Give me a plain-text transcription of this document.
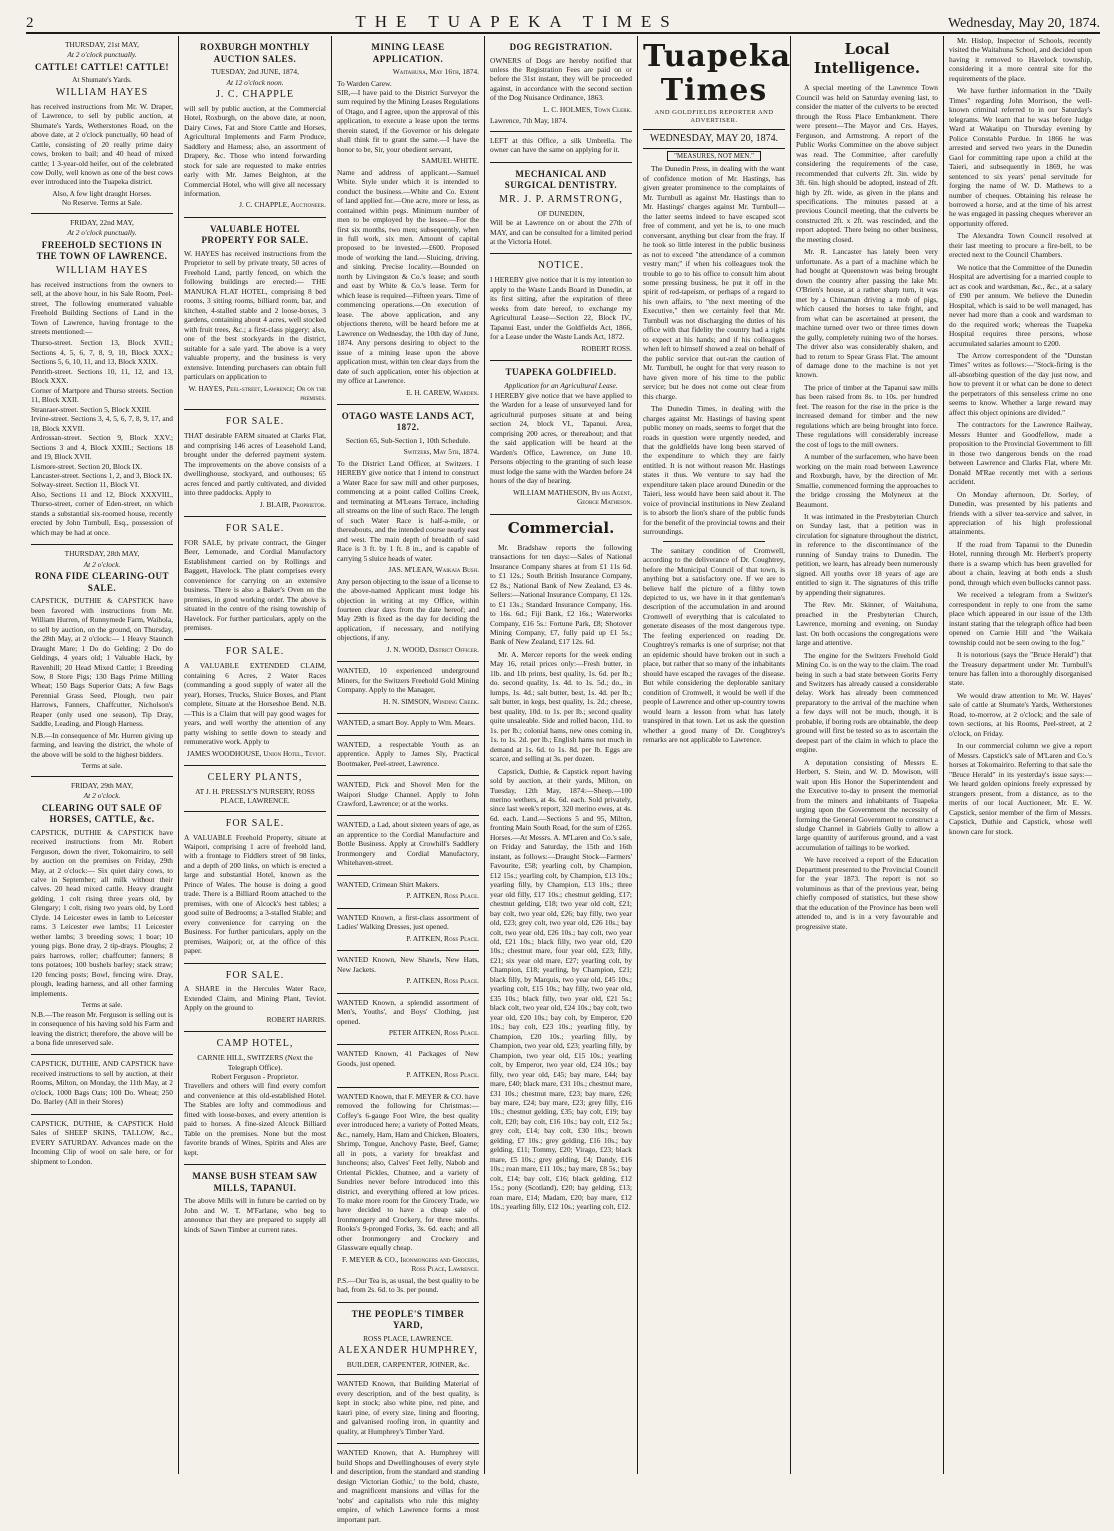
2	THE TUAPEKA TIMES	Wednesday, May 20, 1874.
THURSDAY, 21st MAY,
At 2 o'clock punctually.
CATTLE! CATTLE! CATTLE!
At Shumate's Yards.
WILLIAM HAYES

has received instructions from Mr. W. Draper, of Lawrence, to sell by public auction, at Shumate's Yards, Wetherstones Road, on the above date, at 2 o'clock punctually, 60 head of Cattle, consisting of 20 really prime dairy cows, broken to bail; and 40 head of mixed cattle; 1 3-year-old heifer, out of the celebrated cow Dolly, well known as one of the best cows ever introduced into the Tuapeka district.

Also, A few light draught Horses.
No Reserve. Terms at Sale.
FRIDAY, 22nd MAY,
At 2 o'clock punctually.
FREEHOLD SECTIONS IN THE TOWN OF LAWRENCE.
WILLIAM HAYES

has received instructions from the owners to sell, at the above hour, in his Sale Room, Peel-street, The following enumerated valuable Freehold Building Sections of Land in the Town of Lawrence, having frontage to the streets mentioned:—

Thurso-street. Section 13, Block XVII.; Sections 4, 5, 6, 7, 8, 9, 10, Block XXX.; Sections 5, 6, 10, 11, and 13, Block XXIX.

Penrith-street. Sections 10, 11, 12, and 13, Block XXX.

Corner of Martpore and Thurso streets. Section 11, Block XXII.

Stranraer-street. Section 5, Block XXIII.

Irvine-street. Sections 3, 4, 5, 6, 7, 8, 9, 17, and 18, Block XXVII.

Ardrossan-street. Section 9, Block XXV.; Sections 3 and 4, Block XXIII.; Sections 18 and 19, Block XVII.

Lismore-street. Section 20, Block IX.

Lancaster-street. Sections 1, 2, and 3, Block IX.

Solway-street. Section 11, Block VI.

Also, Sections 11 and 12, Block XXXVIII., Thurso-street, corner of Eden-street, on which stands a substantial six-roomed house, recently erected by John Turnbull, Esq., possession of which may be had at once.

THURSDAY, 28th MAY,
At 2 o'clock.
RONA FIDE CLEARING-OUT SALE.

CAPSTICK, DUTHIE & CAPSTICK have been favored with instructions from Mr. William Hurren, of Runnymede Farm, Waihola, to sell by auction, on the ground, on Thursday, the 28th May, at 2 o'clock:— 1 Heavy Staunch Draught Mare; 1 Do do Gelding; 2 Do do Geldings, 4 years old; 1 Valuable Hack, by Ravenhill; 20 Head Mixed Cattle; 1 Breeding Sow, 8 Store Pigs; 130 Bags Prime Milling Wheat; 150 Bags Superior Oats; A few Bags Perennial Grass Seed, Plough, two pair Harrows, Fanners, Chaffcutter, Nicholson's Reaper (only used one season), Tip Dray, Saddle, Leading, and Plough Harness.

N.B.—In consequence of Mr. Hurren giving up farming, and leaving the district, the whole of the above will be sold to the highest bidders.

Terms at sale.
FRIDAY, 29th MAY,
At 2 o'clock.
CLEARING OUT SALE OF HORSES, CATTLE, &c.

CAPSTICK, DUTHIE & CAPSTICK have received instructions from Mr. Robert Ferguson, down the river, Tokomairiro, to sell by auction on the premises on Friday, 29th May, at 2 o'clock:— Six quiet dairy cows, to calve in September; all milk without their calves. 20 head mixed cattle. Heavy draught gelding, 1 colt rising three years old, by Glengary; 1 colt, rising two years old, by Lord Clyde. 14 Leicester ewes in lamb to Leicester rams. 3 Leicester ewe lambs; 11 Leicester wether lambs; 3 breeding sows; 1 boar; 10 young pigs. Bone dray, 2 tip-drays. Ploughs; 2 pairs harrows, roller; chaffcutter; fanners; 8 tons potatoes; 100 bushels barley; stack straw; 120 fencing posts; Bowl, fencing wire. Dray, plough, leading harness, and all other farming implements.

Terms at sale.

N.B.—The reason Mr. Ferguson is selling out is in consequence of his having sold his Farm and leaving the district; therefore, the above will be a bona fide unreserved sale.

CAPSTICK, DUTHIE, AND CAPSTICK have received instructions to sell by auction, at their Rooms, Milton, on Monday, the 11th May, at 2 o'clock, 1000 Bags Oats; 100 Do. Wheat; 250 Do. Barley (All in their Stores)

CAPSTICK, DUTHIE, & CAPSTICK Hold Sales of SHEEP SKINS, TALLOW, &c., EVERY SATURDAY. Advances made on the Incoming Clip of wool on sale here, or for shipment to London.

ROXBURGH MONTHLY AUCTION SALES.
TUESDAY, 2nd JUNE, 1874,
At 12 o'clock noon.
J. C. CHAPPLE

will sell by public auction, at the Commercial Hotel, Roxburgh, on the above date, at noon, Dairy Cows, Fat and Store Cattle and Horses, Agricultural Implements and Farm Produce, Saddlery and Harness; also, an assortment of Drapery, &c. Those who intend forwarding stock for sale are requested to make entries early with Mr. James Beighton, at the Commercial Hotel, who will give all necessary information.

J. C. CHAPPLE, Auctioneer.
VALUABLE HOTEL PROPERTY FOR SALE.

W. HAYES has received instructions from the Proprietor to sell by private treaty, 50 acres of Freehold Land, partly fenced, on which the following buildings are erected:— THE MANUKA FLAT HOTEL, comprising 8 bed rooms, 3 sitting rooms, billiard room, bar, and kitchen, 4-stalled stable and 2 loose-boxes, 3 gardens, containing about 4 acres, well stocked with fruit trees, &c.; a first-class piggery; also, one of the best stockyards in the district, suitable for a sale yard. The above is a very valuable property, and the business is very extensive. Intending purchasers can obtain full particulars on application to

W. HAYES, Peel-street, Lawrence; Or on the premises.
FOR SALE.

THAT desirable FARM situated at Clarks Flat, and comprising 146 acres of Leasehold Land, brought under the deferred payment system. The improvements on the above consists of a dwellinghouse, stockyard, and outhouses; 65 acres fenced and partly cultivated, and divided into three paddocks. Apply to

J. BLAIR, Proprietor.
FOR SALE.

FOR SALE, by private contract, the Ginger Beer, Lemonade, and Cordial Manufactory Establishment carried on by Rollings and Baggett, Havelock. The plant comprises every convenience for carrying on an extensive business. There is also a Baker's Oven on the premises, in good working order. The above is situated in the centre of the rising township of Havelock. For further particulars, apply on the premises.

FOR SALE.

A VALUABLE EXTENDED CLAIM, containing 6 Acres, 2 Water Races (commanding a good supply of water all the year), Horses, Trucks, Sluice Boxes, and Plant complete, Situate at the Horseshoe Bend. N.B.—This is a Claim that will pay good wages for years, and well worthy the attention of any party wishing to settle down to steady and remunerative work. Apply to

JAMES WOODHOUSE, Union Hotel, Teviot.
CELERY PLANTS,
AT J. H. PRESSLY'S NURSERY, ROSS PLACE, LAWRENCE.
FOR SALE.

A VALUABLE Freehold Property, situate at Waipori, comprising 1 acre of freehold land, with a frontage to Fiddlers street of 98 links, and a depth of 200 links, on which is erected a large and substantial Hotel, known as the Prince of Wales. The house is doing a good trade. There is a Billiard Room attached to the premises, with one of Alcock's best tables; a good suite of Bedrooms; a 3-stalled Stable; and every convenience for carrying on the Business. For further particulars, apply on the premises, Waipori; or, at the office of this paper.

FOR SALE.

A SHARE in the Hercules Water Race, Extended Claim, and Mining Plant, Teviot. Apply on the ground to

ROBERT HARRIS.
CAMP HOTEL,
CARNIE HILL, SWITZERS (Next the Telegraph Office).
Robert Ferguson - Proprietor.

Travellers and others will find every comfort and convenience at this old-established Hotel. The Stables are lofty and commodious and fitted with loose-boxes, and every attention is paid to horses. A fine-sized Alcock Billiard Table on the premises. None but the most favorite brands of Wines, Spirits and Ales are kept.

MANSE BUSH STEAM SAW MILLS, TAPANUI.

The above Mills will in future be carried on by John and W. T. M'Farlane, who beg to announce that they are prepared to supply all kinds of Sawn Timber at current rates.

MINING LEASE APPLICATION.
Waitahuna, May 16th, 1874.
To Warden Carew.

SIR,—I have paid to the District Surveyor the sum required by the Mining Leases Regulations of Otago, and I agree, upon the approval of this application, to execute a lease upon the terms therein stated, if the Governor or his delegate shall think fit to grant the same.—I have the honor to be, Sir, your obedient servant,

SAMUEL WHITE.

Name and address of applicant.—Samuel White. Style under which it is intended to conduct the business.—White and Co. Extent of land applied for.—One acre, more or less, as contained within pegs. Minimum number of men to be employed by the lessee.—For the first six months, two men; subsequently, when in full work, six men. Amount of capital proposed to be invested.—£600. Proposed mode of working the land.—Sluicing, driving, and sinking. Precise locality.—Bounded on north by Livingston & Co.'s lease; and south and east by White & Co.'s lease. Term for which lease is required—Fifteen years. Time of commencing operations.—On execution of lease. The above application, and any objections thereto, will be heard before me at Lawrence on Wednesday, the 10th day of June, 1874. Any persons desiring to object to the issue of a mining lease upon the above application must, within ten clear days from the date of such application, enter his objection at my office at Lawrence.

E. H. CAREW, Warden.
OTAGO WASTE LANDS ACT, 1872.
Section 65, Sub-Section 1, 10th Schedule.
Switzers, May 5th, 1874.

To the District Land Officer, at Switzers. I HEREBY give notice that I intend to construct a Water Race for saw mill and other purposes, commencing at a point called Collins Creek, and terminating at M'Leans Terrace, including all streams on the line of such Race. The length of such Water Race is half-a-mile, or thereabouts, and the intended course nearly east and west. The main depth of breadth of said Race is 3 ft. by 1 ft. 8 in., and is capable of carrying 5 sluice heads of water.

JAS. M'LEAN, Waikaia Bush.

Any person objecting to the issue of a license to the above-named Applicant must lodge his objection in writing at my Office, within fourteen clear days from the date hereof; and May 29th is fixed as the day for deciding the application, if necessary, and notifying objections, if any.

J. N. WOOD, District Officer.

WANTED, 10 experienced underground Miners, for the Switzers Freehold Gold Mining Company. Apply to the Manager,

H. N. SIMSON, Winding Creek.

WANTED, a smart Boy. Apply to Wm. Mears.

WANTED, a respectable Youth as an apprentice. Apply to James Sly, Practical Bootmaker, Peel-street, Lawrence.

WANTED, Pick and Shovel Men for the Waipori Sludge Channel. Apply to John Crawford, Lawrence; or at the works.

WANTED, a Lad, about sixteen years of age, as an apprentice to the Cordial Manufacture and Bottle Business. Apply at Crowhill's Saddlery Ironmongery and Cordial Manufactory, Whitehaven-street.

WANTED, Crimean Shirt Makers.

P. AITKEN, Ross Place.

WANTED Known, a first-class assortment of Ladies' Walking Dresses, just opened.

P. AITKEN, Ross Place.

WANTED Known, New Shawls, New Hats, New Jackets.

P. AITKEN, Ross Place.

WANTED Known, a splendid assortment of Men's, Youths', and Boys' Clothing, just opened.

PETER AITKEN, Ross Place.

WANTED Known, 41 Packages of New Goods, just opened.

P. AITKEN, Ross Place.

WANTED Known, that F. MEYER & CO. have removed the following for Christmas:—Coffey's 6-gauge Foot Wire, the best quality ever introduced here; a variety of Potted Meats, &c., namely, Ham, Ham and Chicken, Bloaters, Shrimp, Tongue, Anchovy Paste, Beef, Game; all in pots, a variety for breakfast and luncheons; also, Calves' Feet Jelly, Nabob and Oriental Pickles, Chutnee, and a variety of Sundries never before introduced into this district, and everything offered at low prices. To make more room for the Grocery Trade, we have decided to have a cheap sale of Ironmongery and Crockery, for three months. Rooks's 9-pronged Forks, 3s. 6d. each; and all other Ironmongery and Crockery and Glassware equally cheap.

F. MEYER & CO., Ironmongers and Grocers, Ross Place, Lawrence.

P.S.—Our Tea is, as usual, the best quality to be had, from 2s. 6d. to 3s. per pound.

THE PEOPLE'S TIMBER YARD,
ROSS PLACE, LAWRENCE.
ALEXANDER HUMPHREY,
BUILDER, CARPENTER, JOINER, &c.

WANTED Known, that Building Material of every description, and of the best quality, is kept in stock; also white pine, red pine, and kauri pine, of every size, lining and flooring, and galvanised roofing iron, in quantity and quality, at Humphrey's Timber Yard.

WANTED Known, that A. Humphrey will build Shops and Dwellinghouses of every style and description, from the standard and standing design 'Victorian Gothic,' to the bold, chaste, and magnificent mansions and villas for the 'nobs' and capitalists who rule this mighty empire, of which Lawrence forms a most important part.

DOG REGISTRATION.

OWNERS of Dogs are hereby notified that unless the Registration Fees are paid on or before the 31st instant, they will be proceeded against, in accordance with the second section of the Dog Nuisance Ordinance, 1863.

L. C. HOLMES, Town Clerk.
Lawrence, 7th May, 1874.

LEFT at this Office, a silk Umbrella. The owner can have the same on applying for it.

MECHANICAL AND SURGICAL DENTISTRY.
MR. J. P. ARMSTRONG,
OF DUNEDIN,

Will be at Lawrence on or about the 27th of MAY, and can be consulted for a limited period at the Victoria Hotel.

NOTICE.

I HEREBY give notice that it is my intention to apply to the Waste Lands Board in Dunedin, at its first sitting, after the expiration of three weeks from date hereof, to exchange my Agricultural Lease—Section 22, Block IV., Tapanui East, under the Goldfields Act, 1866, for a Lease under the Waste Lands Act, 1872.

ROBERT ROSS.
TUAPEKA GOLDFIELD.
Application for an Agricultural Lease.

I HEREBY give notice that we have applied to the Warden for a lease of unsurveyed land for agricultural purposes situate at and being section 24, block VI., Tapanui. Area, comprising 200 acres, or thereabout; and that the said application will be heard at the Warden's Office, Lawrence, on June 10. Persons objecting to the granting of such lease must lodge the same with the Warden before 24 hours of the day of hearing.

WILLIAM MATHESON, By his Agent, George Matheson.
Commercial.

Mr. Bradshaw reports the following transactions for ten days:—Sales of National Insurance Company shares at from £1 11s 6d. to £1 12s.; South British Insurance Company, £2 8s.; National Bank of New Zealand, £3 4s. Sellers:—National Insurance Company, £1 12s. to £1 13s.; Standard Insurance Company, 16s. to 16s. 6d.; Fiji Bank, £2 16s.; Waterworks Company, £16 5s.: Fortune Park, £8; Shotover Mining Company, £7, fully paid up £1 5s.; Bank of New Zealand, £17 12s. 6d.

Mr. A. Mercer reports for the week ending May 16, retail prices only:—Fresh butter, in 1lb. and 1lb prints, best quality, 1s. 6d. per lb.; do. second quality, 1s. 4d. to 1s. 5d.; do., in lumps, 1s. 4d.; salt butter, best, 1s. 4d. per lb.; salt butter, in kegs, best quality, 1s. 2d.; cheese, best quality, 10d. to 1s. per lb.; second quality quite unsaleable. Side and rolled bacon, 11d. to 1s. per lb.; colonial hams, new ones coming in, 1s. to 1s. 2d. per lb.; English hams not much in demand at 1s. 6d. to 1s. 8d. per lb. Eggs are scarce, and selling at 3s. per dozen.

Capstick, Duthie, & Capstick report having sold by auction, at their yards, Milton, on Tuesday, 12th May, 1874:—Sheep.—100 merino wethers, at 4s. 6d. each. Sold privately, since last week's report, 320 merino ewes, at 4s. 6d. each. Land.—Sections 5 and 95, Milton, fronting Main South Road, for the sum of £265. Horses.—At Messrs. A. M'Laren and Co.'s sale, on Friday and Saturday, the 15th and 16th instant, as follows:—Draught Stock—Farmers' Favourite, £58; yearling colt, by Champion, £12 15s.; yearling colt, by Champion, £13 10s.; yearling filly, by Champion, £13 10s.; three year old filly, £17 10s.; chestnut gelding, £17; chestnut gelding, £18; two year old colt, £21; bay colt, two year old, £26; bay filly, two year old, £23; grey colt, two year old, £26 10s.; bay colt, two year old, £26 10s.; bay colt, two year old, £21 10s.; black filly, two year old, £20 10s.; chestnut mare, four year old, £23; filly, £21; six year old mare, £27; yearling colt, by Champion, £18; yearling, by Champion, £21; black filly, by Marquis, two year old, £45 10s.; yearling colt, £15 10s.; bay filly, two year old, £35 10s.; black filly, two year old, £21 5s.; black colt, two year old, £24 10s.; bay colt, two year old, £20 10s.; bay colt, by Emperor, £20 10s.; bay colt, £23 10s.; yearling filly, by Champion, £20 10s.; yearling filly, by Champion, two year old, £23; yearling filly, by Champion, two year old, £15 10s.; yearling colt, by Emperor, two year old, £24 10s.; bay filly, two year old, £45; bay mare, £44; bay mare, £40; black mare, £31 10s.; chestnut mare, £31 10s.; chestnut mare, £23; bay mare, £26; bay mare, £24; bay mare, £23; grey filly, £16 10s.; chestnut gelding, £35; bay colt, £19; bay colt, £20; bay colt, £16 10s.; bay colt, £12 5s.; grey colt, £14; bay colt, £30 10s.; brown gelding, £7 10s.; grey gelding, £16 10s.; bay gelding, £11; Tommy, £20; Virago, £23; black mare, £5 10s.; grey gelding, £4; Dandy, £16 10s.; roan mare, £11 10s.; bay mare, £8 5s.; bay colt, £14; bay colt, £16; black gelding, £12 15s.; pony (Scotland), £20; bay gelding, £13; roan mare, £14; Madam, £20; bay mare, £12 10s.; yearling filly, £12 10s.; yearling colt, £12.

Tuapeka Times
AND GOLDFIELDS REPORTER AND ADVERTISER.
WEDNESDAY, MAY 20, 1874.
"MEASURES, NOT MEN."

The Dunedin Press, in dealing with the want of confidence motion of Mr. Hastings, has given greater prominence to the complaints of Mr. Turnbull as against Mr. Hastings than to Mr. Hastings' charges against Mr. Turnbull—the latter seems indeed to have escaped scot free of comment, and yet he is, to one much conversant, anything but clear from the fray. If he took so little interest in the public business as not to exceed "the attendance of a common vestry man;" if when his colleagues took the trouble to go to his office to consult him about some pressing business, he put it off in the spirit of red-tapeism, or perhaps of a regard to his own affairs, to "the next meeting of the Executive," then we certainly feel that Mr. Turnbull was not discharging the duties of his office with that fidelity the country had a right to expect at his hands; and if his colleagues when left to himself showed a zeal on behalf of the public service that out-ran the caution of Mr. Turnbull, he ought for that very reason to have given more of his time to the public service; but he does not come out clear from this charge.

The Dunedin Times, in dealing with the charges against Mr. Hastings of having spent public money on roads, seems to forget that the roads in question were urgently needed, and that the goldfields have long been starved of the expenditure to which they are fairly entitled. It is not without reason Mr. Hastings states it thus. We venture to say had the expenditure taken place around Dunedin or the Taieri, less would have been said about it. The voice of provincial institutions in New Zealand is to absorb the lion's share of the public funds for the benefit of the provincial towns and their surroundings.

The sanitary condition of Cromwell, according to the deliverance of Dr. Coughtrey, before the Municipal Council of that town, is anything but a satisfactory one. If we are to believe half the picture of a filthy town depicted to us, we have in it that gentleman's description of the accumulation in and around Cromwell of everything that is calculated to generate diseases of the most dangerous type. The feeling experienced on reading Dr. Coughtrey's remarks is one of surprise; not that an epidemic should have broken out in such a place, but rather that so many of the inhabitants should have escaped the ravages of the disease. But while considering the deplorable sanitary condition of Cromwell, it would be well if the people of Lawrence and other up-country towns would learn a lesson from what has lately transpired in that town. Let us ask the question whether a good many of Dr. Coughtrey's remarks are not applicable to Lawrence.

Local Intelligence.

A special meeting of the Lawrence Town Council was held on Saturday evening last, to consider the matter of the culverts to be erected through the Ross Place Embankment. There were present—The Mayor and Crs. Hayes, Ferguson, and Armstrong. A report of the Public Works Committee on the above subject was read. The Committee, after carefully considering the requirements of the case, recommended that culverts 2ft. 3in. wide by 3ft. 6in. high should be adopted, instead of 2ft. high by 2ft. wide, as given in the plans and specifications. The minutes passed at a previous Council meeting, that the culverts be constructed 2ft. x 2ft. was rescinded, and the report adopted. There being no other business, the meeting closed.

Mr. R. Lancaster has lately been very unfortunate. As a part of a machine which he had bought at Queenstown was being brought down the country after passing the lake Mr. O'Brien's house, at a rather sharp turn, it was met by a Chinaman driving a mob of pigs, which caused the horses to take fright, and from what can be ascertained at present, the machine turned over two or three times down the gully, completely ruining two of the horses. The driver also was considerably shaken, and had to return to Spear Grass Flat. The amount of damage done to the machine is not yet known.

The price of timber at the Tapanui saw mills has been raised from 8s. to 10s. per hundred feet. The reason for the rise in the price is the increased demand for timber and the new regulations which are being brought into force. These regulations will considerably increase the cost of logs to the mill owners.

A number of the surfacemen, who have been working on the main road between Lawrence and Roxburgh, have, by the direction of Mr. Smallie, commenced forming the approaches to the bridge crossing the Molyneux at the Beaumont.

It was intimated in the Presbyterian Church on Sunday last, that a petition was in circulation for signature throughout the district, in reference to the discontinuance of the running of Sunday trains to Dunedin. The petition, we learn, has already been numerously signed. All youths over 18 years of age are entitled to sign it. The signatures of this trifle by appending their signatures.

The Rev. Mr. Skinner, of Waitahuna, preached in the Presbyterian Church, Lawrence, morning and evening, on Sunday last. On both occasions the congregations were large and attentive.

The engine for the Switzers Freehold Gold Mining Co. is on the way to the claim. The road being in such a bad state between Gorits Ferry and Switzers has already caused a considerable delay. Work has already been commenced preparatory to the arrival of the machine when a few days will not be much, though, it is probable, if boring rods are obtainable, the deep ground will first be tested so as to ascertain the deepest part of the claim in which to place the engine.

A deputation consisting of Messrs E. Herbert, S. Stein, and W. D. Mowison, will wait upon His Honor the Superintendent and the Executive to-day to present the memorial from the miners and inhabitants of Tuapeka urging upon the Government the necessity of forming the General Government to construct a sludge Channel in Gabriels Gully to allow a large quantity of auriferous ground, and a vast accumulation of tailings to be worked.

We have received a report of the Education Department presented to the Provincial Council for the year 1873. The report is not so voluminous as that of the previous year, being chiefly composed of statistics, but these show that the education of the Province has been well attended to, and is in a very favourable and progressive state.

Mr. Hislop, Inspector of Schools, recently visited the Waitahuna School, and decided upon having it removed to Havelock township, considering it a more central site for the requirements of the place.

We have further information in the "Daily Times" regarding John Morrison, the well-known criminal referred to in our Saturday's telegrams. We learn that he was before Judge Ward at Wakatipu on Thursday evening by Police Constable Purdue. In 1866 he was arrested and served two years in the Dunedin Gaol for committing rape upon a child at the Taieri, and subsequently in 1869, he was sentenced to six years' penal servitude for forging the name of W. D. Mathews to a number of cheques. Obtaining his release he borrowed a horse, and at the time of his arrest he was engaged in passing cheques wherever an opportunity offered.

The Alexandra Town Council resolved at their last meeting to procure a fire-bell, to be erected next to the Council Chambers.

We notice that the Committee of the Dunedin Hospital are advertising for a married couple to act as cook and wardsman, &c., &c., at a salary of £90 per annum. We believe the Dunedin Hospital, which is said to be well managed, has never had more than a cook and wardsman to do the required work; whereas the Tuapeka Hospital requires three persons, whose accumulated salaries amount to £200.

The Arrow correspondent of the "Dunstan Times" writes as follows:—"Stock-firing is the all-absorbing question of the day just now, and how to prevent it or what can be done to detect the perpetrators of this senseless crime no one seems to know. Whether a large reward may affect this object opinions are divided."

The contractors for the Lawrence Railway, Messrs Hunter and Goodfellow, made a proposition to the Provincial Government to fill in those two dangerous bends on the road between Lawrence and Clarks Flat, where Mr. Donald M'Rae recently met with a serious accident.

On Monday afternoon, Dr. Sorley, of Dunedin, was presented by his patients and friends with a silver tea-service and salver, in appreciation of his high professional attainments.

If the road from Tapanui to the Dunedin Hotel, running through Mr. Herbert's property there is a swamp which has been gravelled for about a chain, leaving at both ends a slush pond, through which even bullocks cannot pass.

We received a telegram from a Switzer's correspondent in reply to one from the same place which appeared in our issue of the 13th instant stating that the telegraph office had been opened on Carnie Hill and "the Waikaia township could not be seen owing to the fog."

It is notorious (says the "Bruce Herald") that the Treasury department under Mr. Turnbull's tenure has fallen into a thoroughly disorganised state.

We would draw attention to Mr. W. Hayes' sale of cattle at Shumate's Yards, Wetherstones Road, to-morrow, at 2 o'clock; and the sale of town sections, at his Rooms, Peel-street, at 2 o'clock, on Friday.

In our commercial column we give a report of Messrs. Capstick's sale of M'Laren and Co.'s horses at Tokomairiro. Referring to that sale the "Bruce Herald" in its yesterday's issue says:—We heard golden opinions freely expressed by strangers present, from a distance, as to the merits of our local Auctioneer, Mr. E. W. Capstick, senior member of the firm of Messrs. Capstick, Duthie and Capstick, whose well known care for stock.
